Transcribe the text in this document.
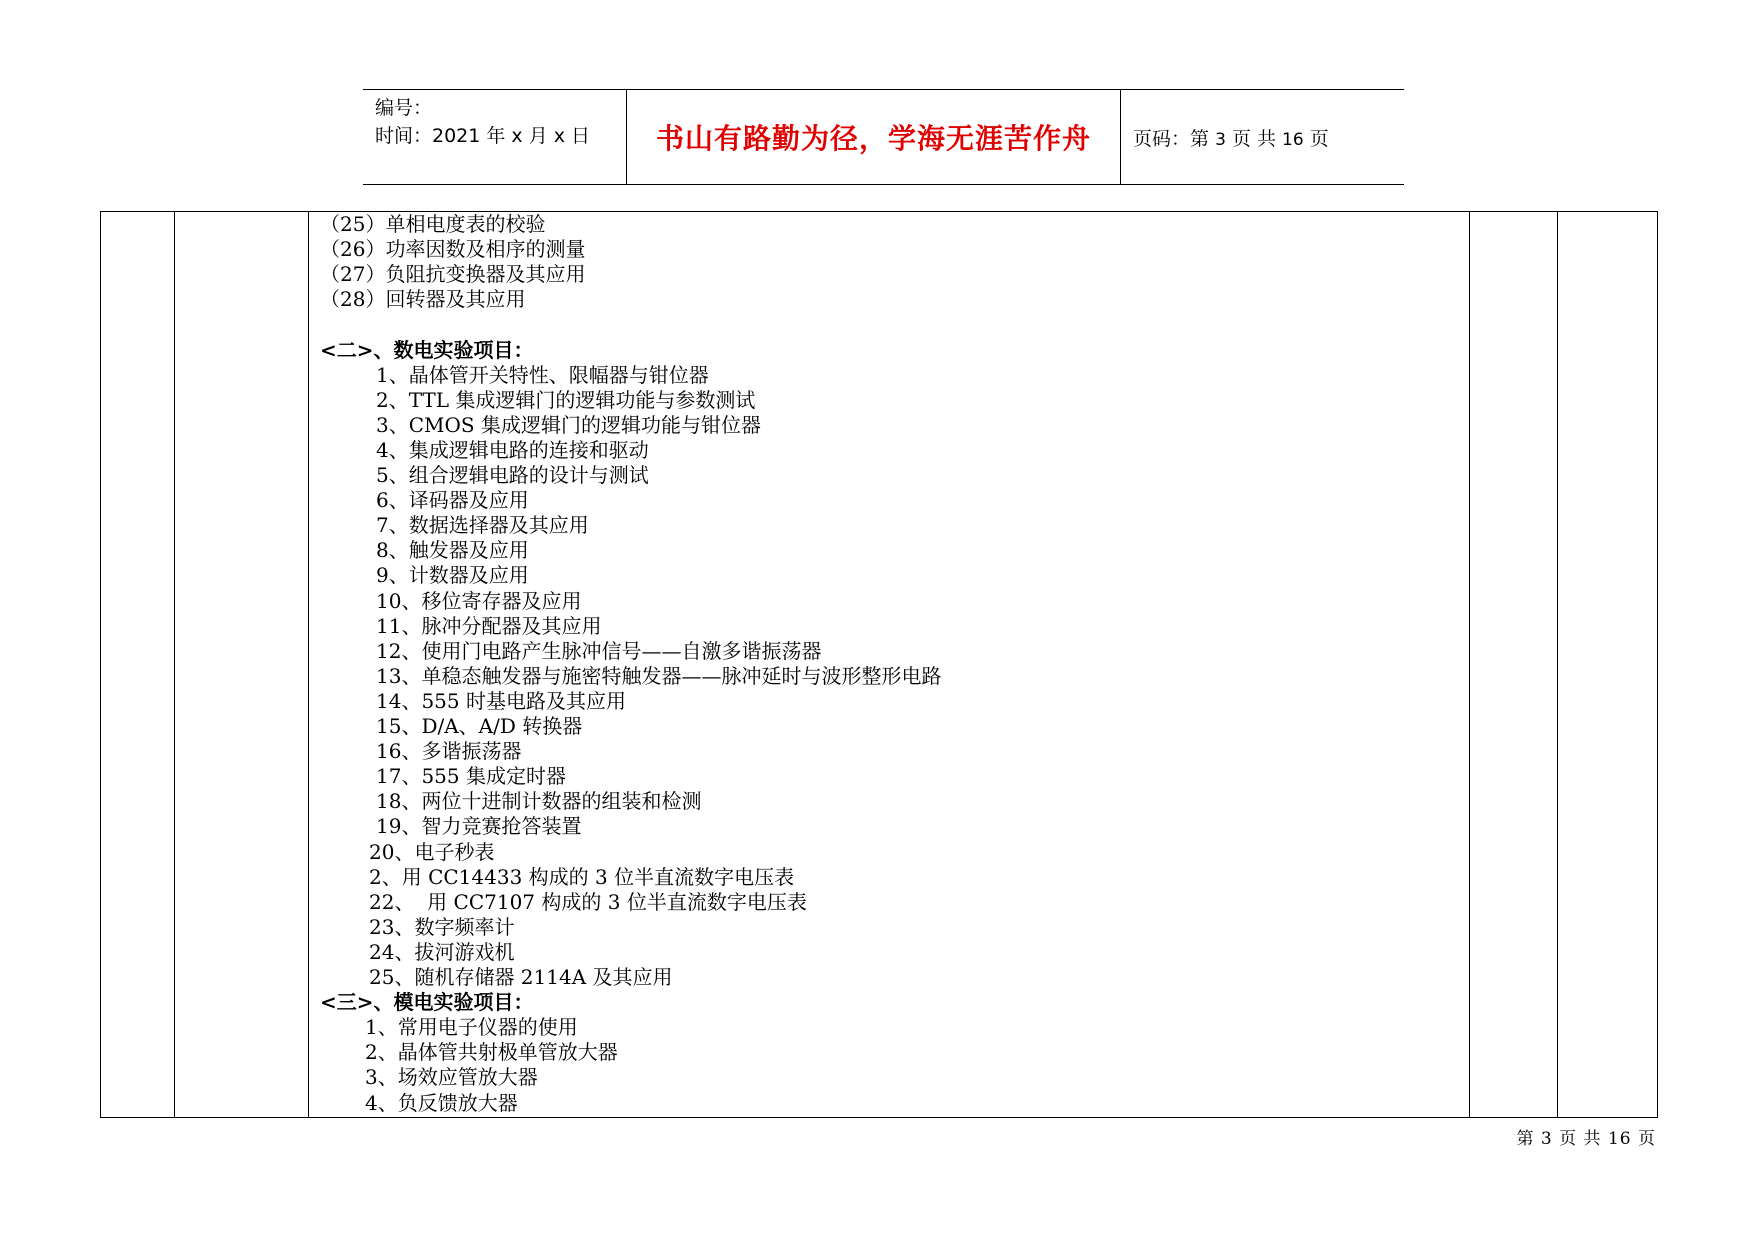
编号：
时间：2021 年 x 月 x 日 书山有路勤为径，学海无涯苦作舟 页码：第 3 页 共 16 页
（25）单相电度表的校验
（26）功率因数及相序的测量
（27）负阻抗变换器及其应用
（28）回转器及其应用
<二>、数电实验项目：
1、晶体管开关特性、限幅器与钳位器
2、TTL 集成逻辑门的逻辑功能与参数测试
3、CMOS 集成逻辑门的逻辑功能与钳位器
4、集成逻辑电路的连接和驱动
5、组合逻辑电路的设计与测试
6、译码器及应用
7、数据选择器及其应用
8、触发器及应用
9、计数器及应用
10、移位寄存器及应用
11、脉冲分配器及其应用
12、使用门电路产生脉冲信号——自激多谐振荡器
13、单稳态触发器与施密特触发器——脉冲延时与波形整形电路
14、555 时基电路及其应用
15、D/A、A/D 转换器
16、多谐振荡器
17、555 集成定时器
18、两位十进制计数器的组装和检测
19、智力竞赛抢答装置
20、电子秒表
2、用 CC14433 构成的 3 位半直流数字电压表
22、  用 CC7107 构成的 3 位半直流数字电压表
23、数字频率计
24、拔河游戏机
25、随机存储器 2114A 及其应用
<三>、模电实验项目：
1、常用电子仪器的使用
2、晶体管共射极单管放大器
3、场效应管放大器
4、负反馈放大器
第 3 页 共 16 页
